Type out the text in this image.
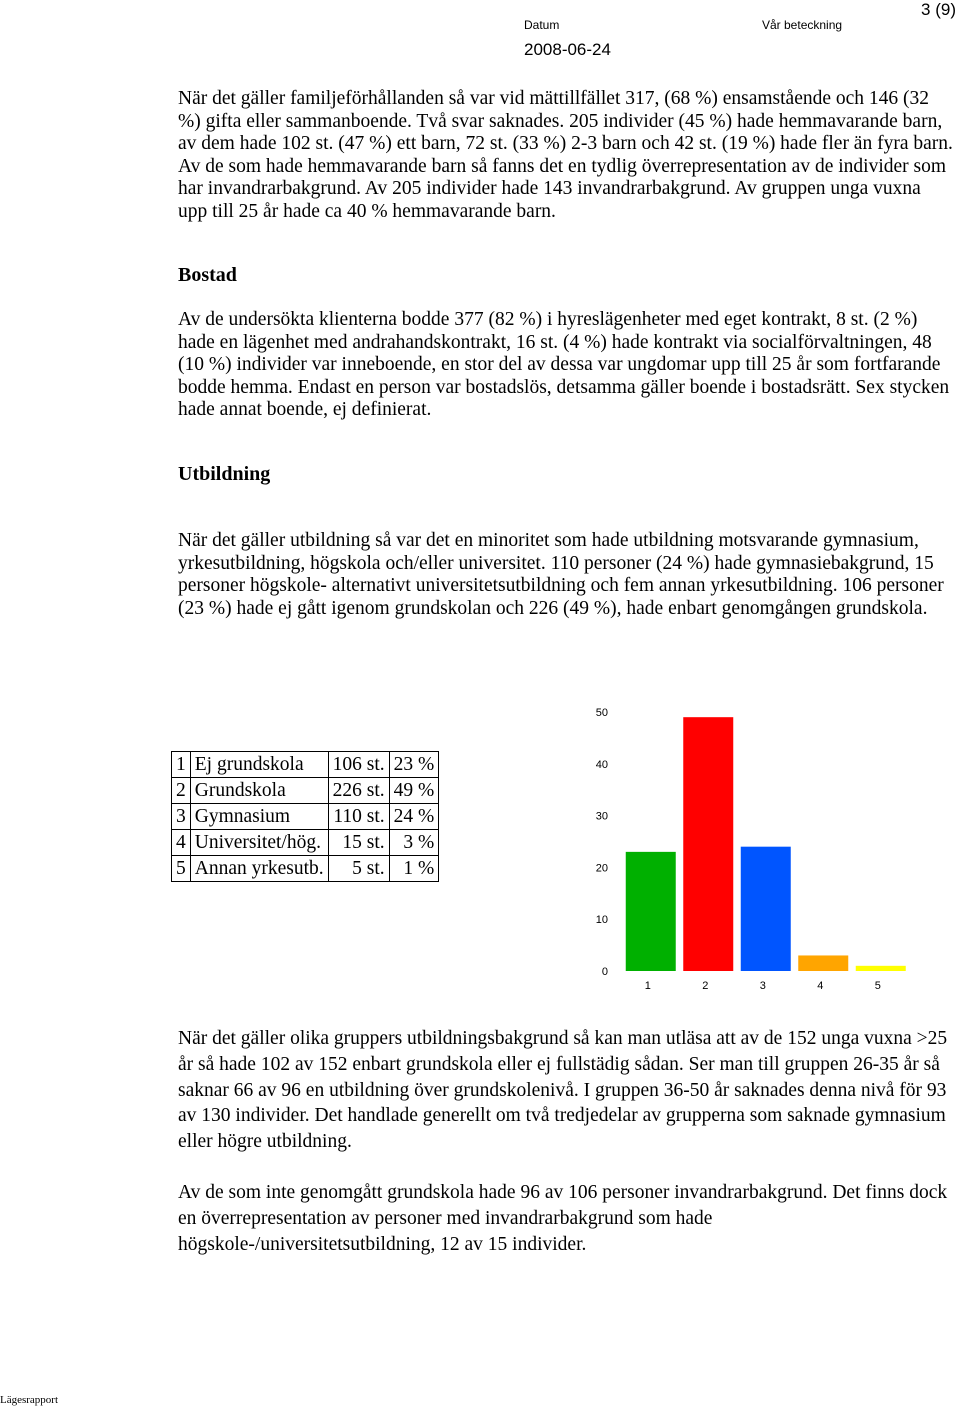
Datum	Vår beteckning
2008-06-24
3 (9)

När det gäller familjeförhållanden så var vid mättillfället 317, (68 %) ensamstående och 146 (32 %) gifta eller sammanboende. Två svar saknades. 205 individer (45 %) hade hemmavarande barn, av dem hade 102 st. (47 %) ett barn, 72 st. (33 %) 2-3 barn och 42 st. (19 %) hade fler än fyra barn. Av de som hade hemmavarande barn så fanns det en tydlig överrepresentation av de individer som har invandrarbakgrund. Av 205 individer hade 143 invandrarbakgrund. Av gruppen unga vuxna upp till 25 år hade ca 40 % hemmavarande barn.

Bostad

Av de undersökta klienterna bodde 377 (82 %) i hyreslägenheter med eget kontrakt, 8 st. (2 %) hade en lägenhet med andrahandskontrakt, 16 st. (4 %) hade kontrakt via socialförvaltningen, 48 (10 %) individer var inneboende, en stor del av dessa var ungdomar upp till 25 år som fortfarande bodde hemma. Endast en person var bostadslös, detsamma gäller boende i bostadsrätt. Sex stycken hade annat boende, ej definierat.

Utbildning

När det gäller utbildning så var det en minoritet som hade utbildning motsvarande gymnasium, yrkesutbildning, högskola och/eller universitet. 110 personer (24 %) hade gymnasiebakgrund, 15 personer högskole- alternativt universitetsutbildning och fem annan yrkesutbildning. 106 personer (23 %) hade ej gått igenom grundskolan och 226 (49 %), hade enbart genomgången grundskola.

1	Ej grundskola	106 st.	23 %
2	Grundskola	226 st.	49 %
3	Gymnasium	110 st.	24 %
4	Universitet/hög.	15 st.	3 %
5	Annan yrkesutb.	5 st.	1 %
0
10
20
30
40
50
1	2	3	4	5

När det gäller olika gruppers utbildningsbakgrund så kan man utläsa att av de 152 unga vuxna >25 år så hade 102 av 152 enbart grundskola eller ej fullstädig sådan. Ser man till gruppen 26-35 år så saknar 66 av 96 en utbildning över grundskolenivå. I gruppen 36-50 år saknades denna nivå för 93 av 130 individer. Det handlade generellt om två tredjedelar av grupperna som saknade gymnasium eller högre utbildning.

Av de som inte genomgått grundskola hade 96 av 106 personer invandrarbakgrund. Det finns dock en överrepresentation av personer med invandrarbakgrund som hade högskole-/universitetsutbildning, 12 av 15 individer.

Lägesrapport
